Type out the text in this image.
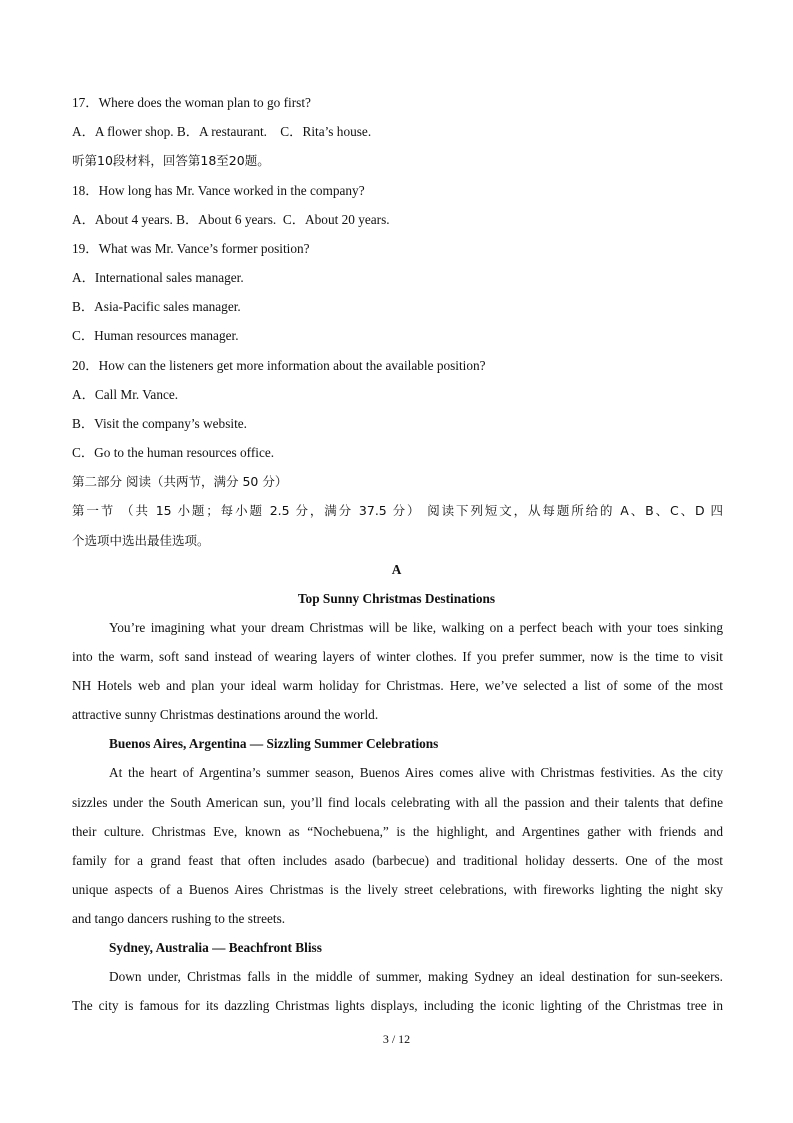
17．Where does the woman plan to go first?
A．A flower shop. B．A restaurant.    C．Rita’s house.
听第10段材料，回答第18至20题。
18．How long has Mr. Vance worked in the company?
A．About 4 years. B．About 6 years.  C．About 20 years.
19．What was Mr. Vance’s former position?
A．International sales manager.
B．Asia-Pacific sales manager.
C．Human resources manager.
20．How can the listeners get more information about the available position?
A．Call Mr. Vance.
B．Visit the company’s website.
C．Go to the human resources office.
第二部分 阅读（共两节，满分 50 分）
第一节 （共 15 小题；每小题 2.5 分，满分 37.5 分） 阅读下列短文，从每题所给的 A、B、C、D 四
个选项中选出最佳选项。
A
Top Sunny Christmas Destinations
You’re imagining what your dream Christmas will be like, walking on a perfect beach with your toes sinking
into the warm, soft sand instead of wearing layers of winter clothes. If you prefer summer, now is the time to visit
NH Hotels web and plan your ideal warm holiday for Christmas. Here, we’ve selected a list of some of the most
attractive sunny Christmas destinations around the world.
Buenos Aires, Argentina — Sizzling Summer Celebrations
At the heart of Argentina’s summer season, Buenos Aires comes alive with Christmas festivities. As the city
sizzles under the South American sun, you’ll find locals celebrating with all the passion and their talents that define
their culture. Christmas Eve, known as “Nochebuena,” is the highlight, and Argentines gather with friends and
family for a grand feast that often includes asado (barbecue) and traditional holiday desserts. One of the most
unique aspects of a Buenos Aires Christmas is the lively street celebrations, with fireworks lighting the night sky
and tango dancers rushing to the streets.
Sydney, Australia — Beachfront Bliss
Down under, Christmas falls in the middle of summer, making Sydney an ideal destination for sun-seekers.
The city is famous for its dazzling Christmas lights displays, including the iconic lighting of the Christmas tree in
3 / 12
